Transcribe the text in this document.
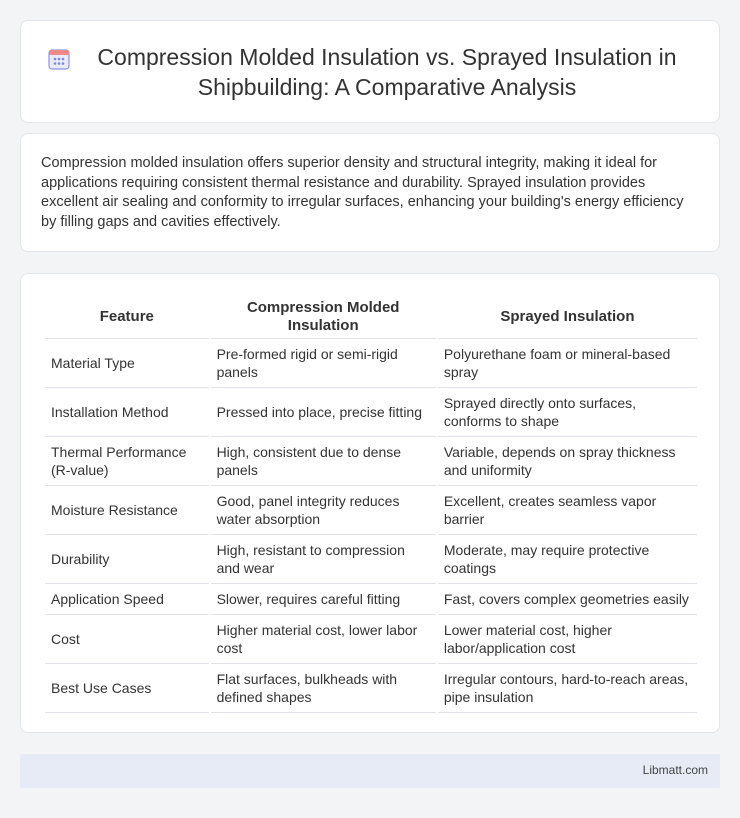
Compression Molded Insulation vs. Sprayed Insulation in Shipbuilding: A Comparative Analysis

Compression molded insulation offers superior density and structural integrity, making it ideal for applications requiring consistent thermal resistance and durability. Sprayed insulation provides excellent air sealing and conformity to irregular surfaces, enhancing your building's energy efficiency by filling gaps and cavities effectively.

Feature	Compression Molded Insulation	Sprayed Insulation
Material Type	Pre-formed rigid or semi-rigid panels	Polyurethane foam or mineral-based spray
Installation Method	Pressed into place, precise fitting	Sprayed directly onto surfaces, conforms to shape
Thermal Performance (R-value)	High, consistent due to dense panels	Variable, depends on spray thickness and uniformity
Moisture Resistance	Good, panel integrity reduces water absorption	Excellent, creates seamless vapor barrier
Durability	High, resistant to compression and wear	Moderate, may require protective coatings
Application Speed	Slower, requires careful fitting	Fast, covers complex geometries easily
Cost	Higher material cost, lower labor cost	Lower material cost, higher labor/application cost
Best Use Cases	Flat surfaces, bulkheads with defined shapes	Irregular contours, hard-to-reach areas, pipe insulation
Libmatt.com
